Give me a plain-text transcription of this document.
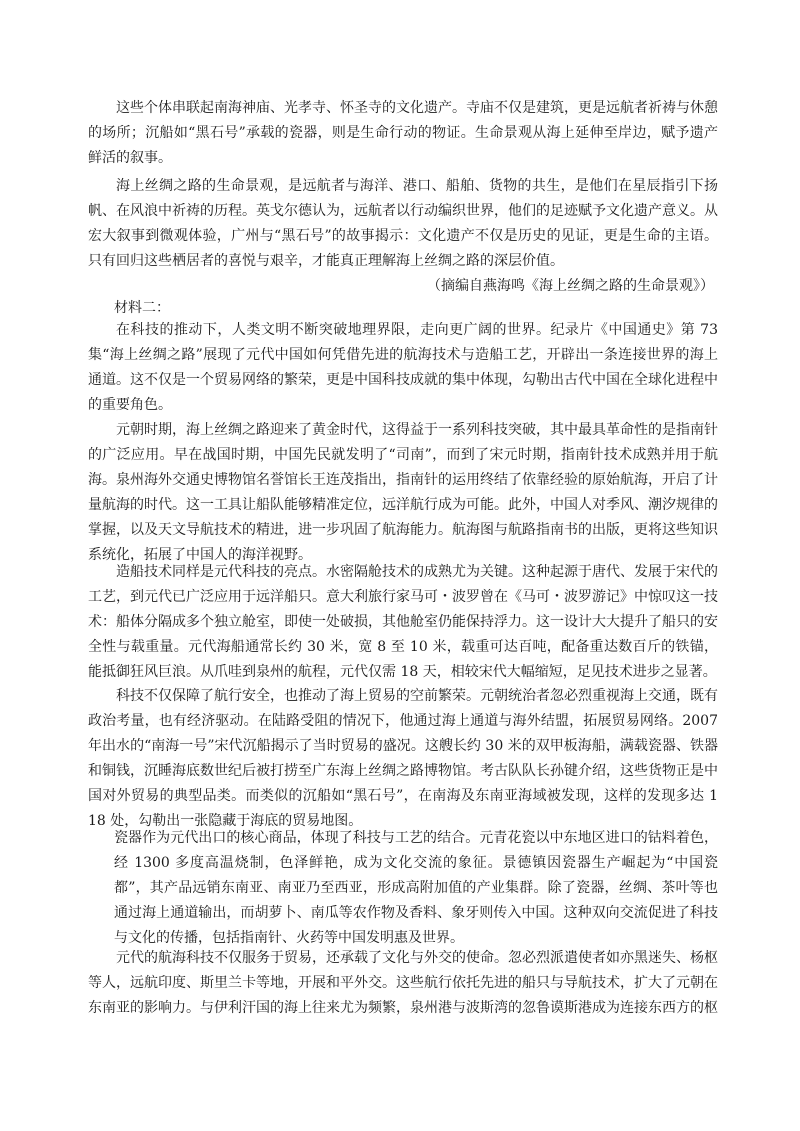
这些个体串联起南海神庙、光孝寺、怀圣寺的文化遗产。寺庙不仅是建筑，更是远航者祈祷与休憩的场所；沉船如“黑石号”承载的瓷器，则是生命行动的物证。生命景观从海上延伸至岸边，赋予遗产鲜活的叙事。

海上丝绸之路的生命景观，是远航者与海洋、港口、船舶、货物的共生，是他们在星辰指引下扬帆、在风浪中祈祷的历程。英戈尔德认为，远航者以行动编织世界，他们的足迹赋予文化遗产意义。从宏大叙事到微观体验，广州与“黑石号”的故事揭示：文化遗产不仅是历史的见证，更是生命的主语。只有回归这些栖居者的喜悦与艰辛，才能真正理解海上丝绸之路的深层价值。

（摘编自燕海鸣《海上丝绸之路的生命景观》）

材料二：

在科技的推动下，人类文明不断突破地理界限，走向更广阔的世界。纪录片《中国通史》第 73 集“海上丝绸之路”展现了元代中国如何凭借先进的航海技术与造船工艺，开辟出一条连接世界的海上通道。这不仅是一个贸易网络的繁荣，更是中国科技成就的集中体现，勾勒出古代中国在全球化进程中的重要角色。

元朝时期，海上丝绸之路迎来了黄金时代，这得益于一系列科技突破，其中最具革命性的是指南针的广泛应用。早在战国时期，中国先民就发明了“司南”，而到了宋元时期，指南针技术成熟并用于航海。泉州海外交通史博物馆名誉馆长王连茂指出，指南针的运用终结了依靠经验的原始航海，开启了计量航海的时代。这一工具让船队能够精准定位，远洋航行成为可能。此外，中国人对季风、潮汐规律的掌握，以及天文导航技术的精进，进一步巩固了航海能力。航海图与航路指南书的出版，更将这些知识系统化，拓展了中国人的海洋视野。

造船技术同样是元代科技的亮点。水密隔舱技术的成熟尤为关键。这种起源于唐代、发展于宋代的工艺，到元代已广泛应用于远洋船只。意大利旅行家马可・波罗曾在《马可・波罗游记》中惊叹这一技术：船体分隔成多个独立舱室，即使一处破损，其他舱室仍能保持浮力。这一设计大大提升了船只的安全性与载重量。元代海船通常长约 30 米，宽 8 至 10 米，载重可达百吨，配备重达数百斤的铁锚，能抵御狂风巨浪。从爪哇到泉州的航程，元代仅需 18 天，相较宋代大幅缩短，足见技术进步之显著。

科技不仅保障了航行安全，也推动了海上贸易的空前繁荣。元朝统治者忽必烈重视海上交通，既有政治考量，也有经济驱动。在陆路受阻的情况下，他通过海上通道与海外结盟，拓展贸易网络。2007 年出水的“南海一号”宋代沉船揭示了当时贸易的盛况。这艘长约 30 米的双甲板海船，满载瓷器、铁器和铜钱，沉睡海底数世纪后被打捞至广东海上丝绸之路博物馆。考古队队长孙键介绍，这些货物正是中国对外贸易的典型品类。而类似的沉船如“黑石号”，在南海及东南亚海域被发现，这样的发现多达 1 18 处，勾勒出一张隐藏于海底的贸易地图。

瓷器作为元代出口的核心商品，体现了科技与工艺的结合。元青花瓷以中东地区进口的钴料着色，经 1300 多度高温烧制，色泽鲜艳，成为文化交流的象征。景德镇因瓷器生产崛起为“中国瓷都”，其产品远销东南亚、南亚乃至西亚，形成高附加值的产业集群。除了瓷器，丝绸、茶叶等也通过海上通道输出，而胡萝卜、南瓜等农作物及香料、象牙则传入中国。这种双向交流促进了科技与文化的传播，包括指南针、火药等中国发明惠及世界。

元代的航海科技不仅服务于贸易，还承载了文化与外交的使命。忽必烈派遣使者如亦黑迷失、杨枢等人，远航印度、斯里兰卡等地，开展和平外交。这些航行依托先进的船只与导航技术，扩大了元朝在东南亚的影响力。与伊利汗国的海上往来尤为频繁，泉州港与波斯湾的忽鲁谟斯港成为连接东西方的枢
